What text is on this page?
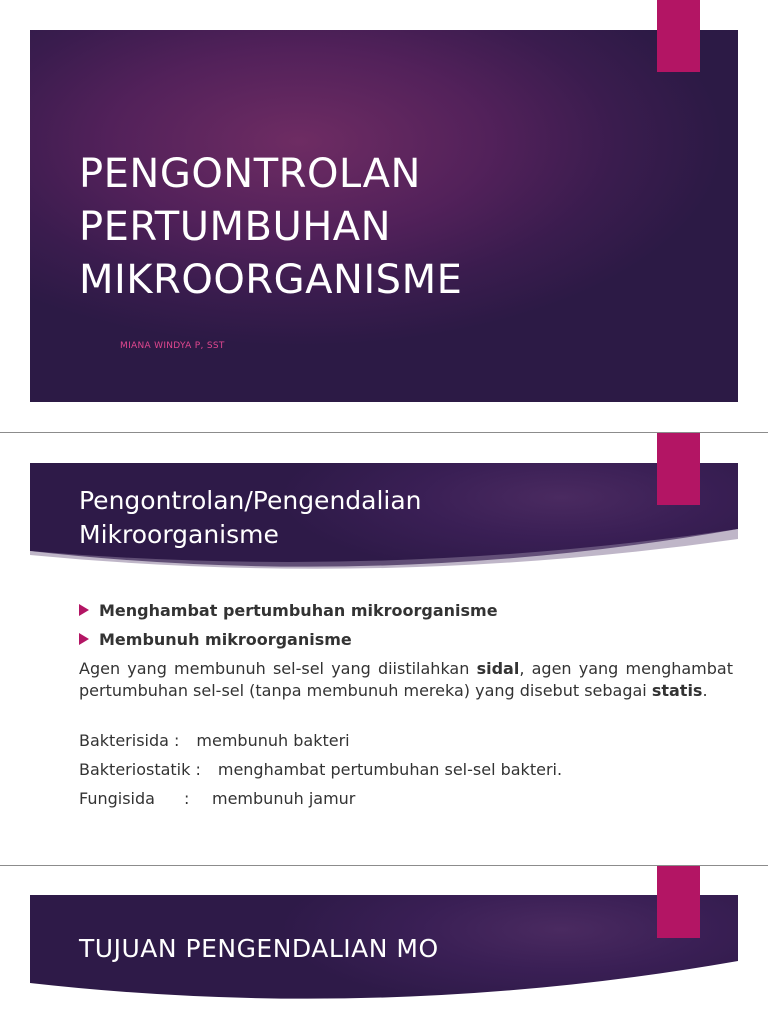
PENGONTROLAN
PERTUMBUHAN
MIKROORGANISME
MIANA WINDYA P, SST
Pengontrolan/Pengendalian
Mikroorganisme
Menghambat pertumbuhan mikroorganisme
Membunuh mikroorganisme
Agen yang membunuh sel-sel yang diistilahkan sidal, agen yang menghambat pertumbuhan sel-sel (tanpa membunuh mereka) yang disebut sebagai statis.
Bakterisida : membunuh bakteri
Bakteriostatik : menghambat pertumbuhan sel-sel bakteri.
Fungisida : membunuh jamur
TUJUAN PENGENDALIAN MO
